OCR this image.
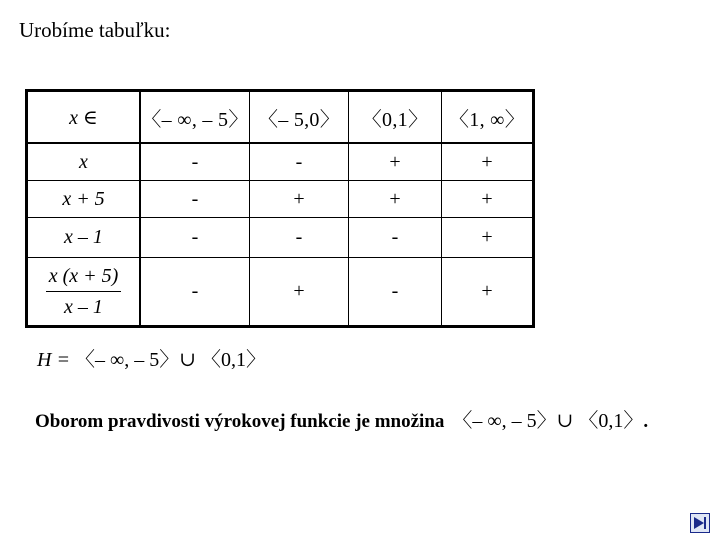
Urobíme tabuľku:
x ∈	〈– ∞, – 5〉	〈– 5,0〉	〈0,1〉	〈1, ∞〉
x	-	-	+	+
x + 5	-	+	+	+
x – 1	-	-	-	+

$\frac{x (x + 5)}{x - 1}$	-	+	-	+
H = 〈– ∞, – 5〉∪ 〈0,1〉
Oborom pravdivosti výrokovej funkcie je množina 〈– ∞, – 5〉∪ 〈0,1〉.
